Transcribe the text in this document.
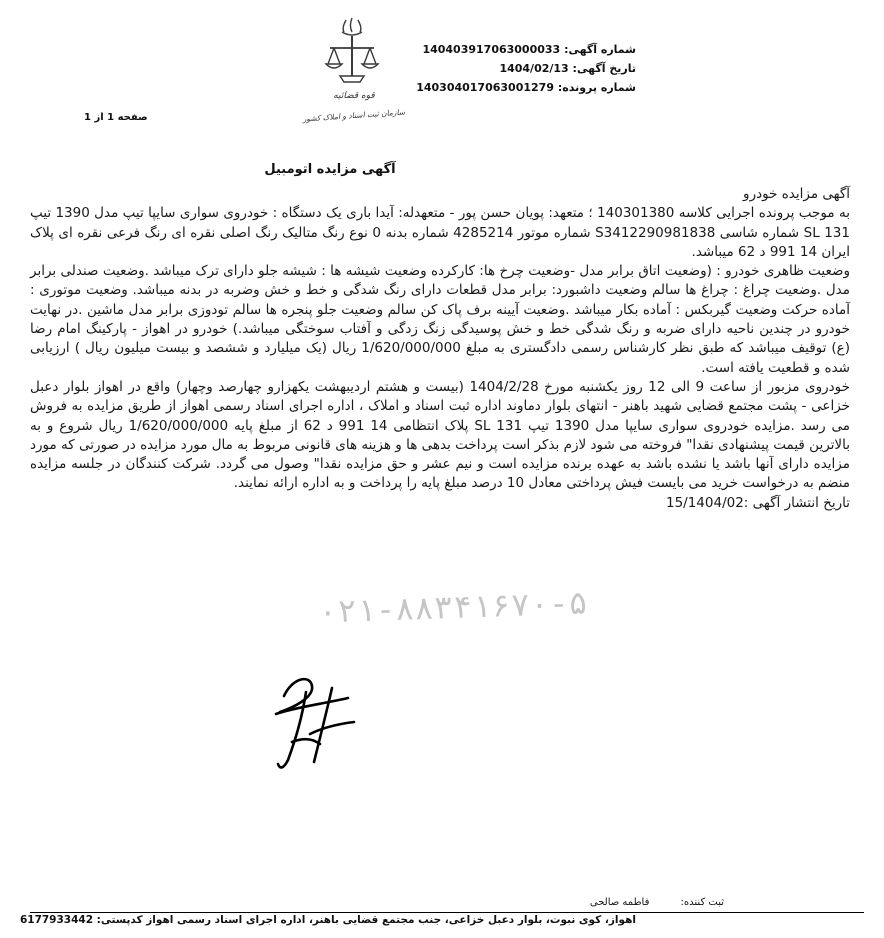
قوه قضائیه
سازمان ثبت اسناد و املاک کشور
شماره آگهی: 140403917063000033
تاریخ آگهی: 1404/02/13
شماره پرونده: 140304017063001279
صفحه 1 از 1
آگهی مزایده اتومبیل

آگهی مزایده خودرو

به موجب پرونده اجرایی کلاسه 140301380 ؛ متعهد: پویان حسن پور - متعهدله: آیدا باری یک دستگاه : خودروی سواری سایپا تیپ مدل 1390 تیپ SL 131 شماره شاسی S3412290981838 شماره موتور 4285214 شماره بدنه 0 نوع رنگ متالیک رنگ اصلی نقره ای رنگ فرعی نقره ای پلاک ایران 14 991 د 62 میباشد.

وضعیت ظاهری خودرو : (وضعیت اتاق برابر مدل -وضعیت چرخ ها: کارکرده وضعیت شیشه ها : شیشه جلو دارای ترک میباشد .وضعیت صندلی برابر مدل .وضعیت چراغ : چراغ ها سالم وضعیت داشبورد: برابر مدل قطعات دارای رنگ شدگی و خط و خش وضربه در بدنه میباشد. وضعیت موتوری : آماده حرکت وضعیت گیربکس : آماده بکار میباشد .وضعیت آیینه برف پاک کن سالم وضعیت جلو پنجره ها سالم تودوزی برابر مدل ماشین .در نهایت خودرو در چندین ناحیه دارای ضربه و رنگ شدگی خط و خش پوسیدگی زنگ زدگی و آفتاب سوختگی میباشد.) خودرو در اهواز - پارکینگ امام رضا (ع) توقیف میباشد که طبق نظر کارشناس رسمی دادگستری به مبلغ 1/620/000/000 ریال (یک میلیارد و ششصد و بیست میلیون ریال ) ارزیابی شده و قطعیت یافته است.

خودروی مزبور از ساعت 9 الی 12 روز یکشنبه مورخ 1404/2/28 (بیست و هشتم اردیبهشت یکهزارو چهارصد وچهار) واقع در اهواز بلوار دعبل خزاعی - پشت مجتمع قضایی شهید باهنر - انتهای بلوار دماوند اداره ثبت اسناد و املاک ، اداره اجرای اسناد رسمی اهواز از طریق مزایده به فروش می رسد .مزایده خودروی سواری سایپا مدل 1390 تیپ SL 131 پلاک انتظامی 14 991 د 62 از مبلغ پایه 1/620/000/000 ریال شروع و به بالاترین قیمت پیشنهادی نقدا" فروخته می شود لازم بذکر است پرداخت بدهی ها و هزینه های قانونی مربوط به مال مورد مزایده در صورتی که مورد مزایده دارای آنها باشد یا نشده باشد به عهده برنده مزایده است و نیم عشر و حق مزایده نقدا" وصول می گردد. شرکت کنندگان در جلسه مزایده منضم به درخواست خرید می بایست فیش پرداختی معادل 10 درصد مبلغ پایه را پرداخت و به اداره ارائه نمایند.

تاریخ انتشار آگهی :15/1404/02

۰۲۱-۸۸۳۴۱۶۷۰-۵
ثبت کننده: فاطمه صالحی
اهواز، کوی نبوت، بلوار دعبل خزاعی، جنب مجتمع قضایی باهنر، اداره اجرای اسناد رسمی اهواز کدپستی: 6177933442
